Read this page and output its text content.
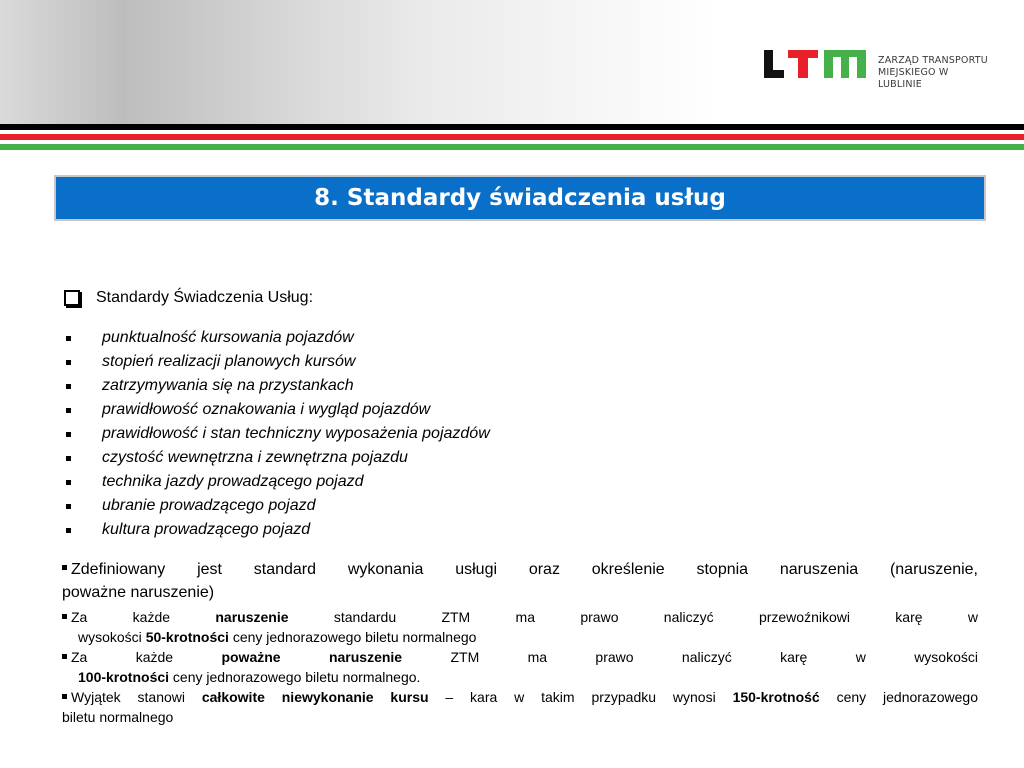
ZARZĄD TRANSPORTU
MIEJSKIEGO W LUBLINIE
8. Standardy świadczenia usług
Standardy Świadczenia Usług:
punktualność kursowania pojazdów
stopień realizacji planowych kursów
zatrzymywania się na przystankach
prawidłowość oznakowania i wygląd pojazdów
prawidłowość i stan techniczny wyposażenia pojazdów
czystość wewnętrzna i zewnętrzna pojazdu
technika jazdy prowadzącego pojazd
ubranie prowadzącego pojazd
kultura prowadzącego pojazd
Zdefiniowany jest standard wykonania usługi oraz określenie stopnia naruszenia (naruszenie,
poważne naruszenie)
Za każde naruszenie standardu ZTM ma prawo naliczyć przewoźnikowi karę w
wysokości 50-krotności ceny jednorazowego biletu normalnego
Za każde poważne naruszenie ZTM ma prawo naliczyć karę w wysokości
100-krotności ceny jednorazowego biletu normalnego.
Wyjątek stanowi całkowite niewykonanie kursu – kara w takim przypadku wynosi 150-krotność ceny jednorazowego
biletu normalnego
